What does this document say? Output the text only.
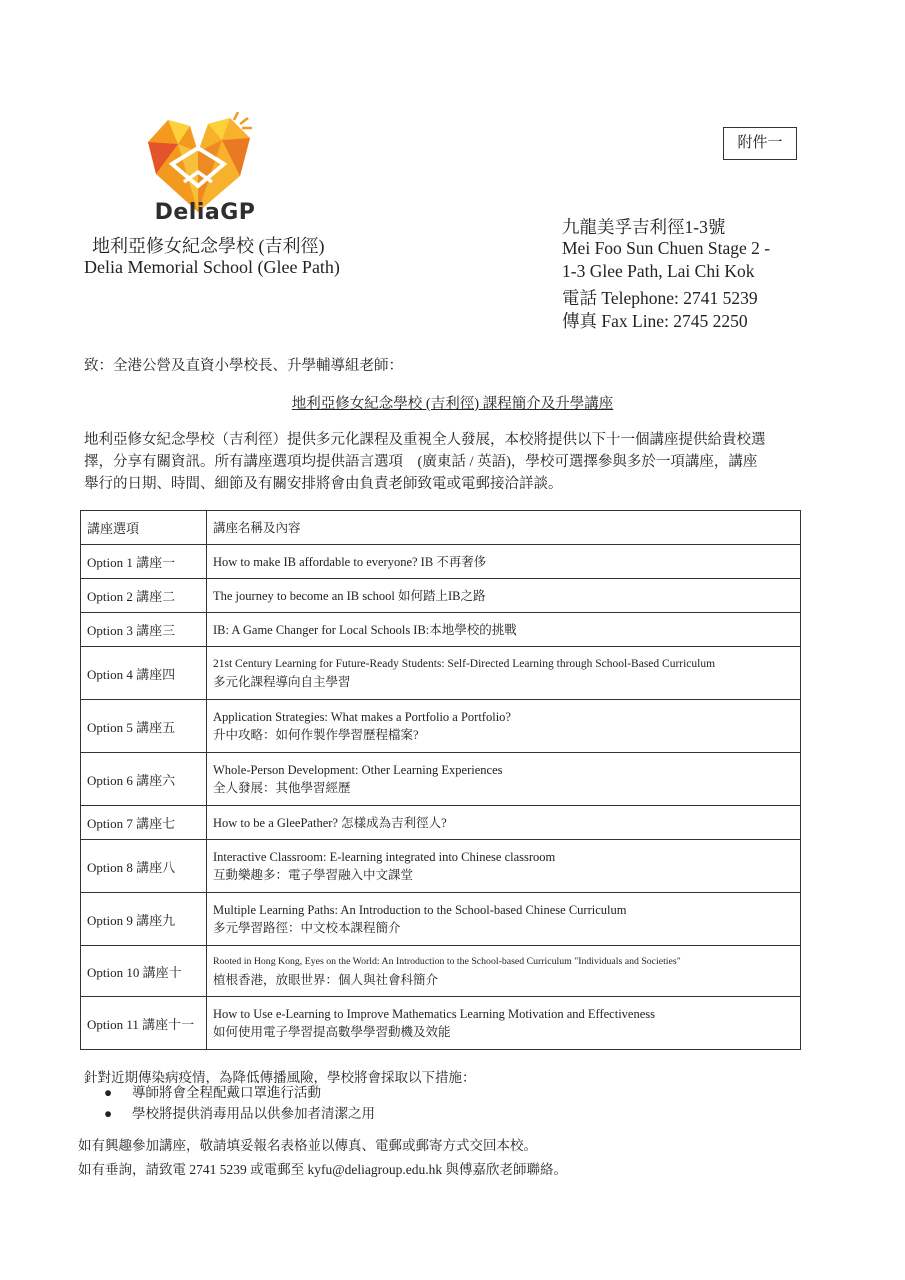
DeliaGP
地利亞修女紀念學校 (吉利徑)
Delia Memorial School (Glee Path)
附件一
九龍美孚吉利徑1-3號
Mei Foo Sun Chuen Stage 2 -
1-3 Glee Path, Lai Chi Kok
電話 Telephone: 2741 5239
傳真 Fax Line: 2745 2250
致：全港公營及直資小學校長、升學輔導組老師：
地利亞修女紀念學校 (吉利徑) 課程簡介及升學講座
地利亞修女紀念學校（吉利徑）提供多元化課程及重視全人發展，本校將提供以下十一個講座提供給貴校選
擇，分享有關資訊。所有講座選項均提供語言選項　(廣東話 / 英語)，學校可選擇參與多於一項講座，講座
舉行的日期、時間、細節及有關安排將會由負責老師致電或電郵接洽詳談。
講座選項	講座名稱及內容
Option 1 講座一	How to make IB affordable to everyone? IB 不再奢侈

Option 2 講座二	The journey to become an IB school 如何踏上IB之路

Option 3 講座三	IB: A Game Changer for Local Schools IB:本地學校的挑戰

Option 4 講座四	21st Century Learning for Future-Ready Students: Self-Directed Learning through School-Based Curriculum
多元化課程導向自主學習

Option 5 講座五	Application Strategies: What makes a Portfolio a Portfolio?
升中攻略：如何作製作學習歷程檔案?

Option 6 講座六	Whole-Person Development: Other Learning Experiences
全人發展：其他學習經歷

Option 7 講座七	How to be a GleePather? 怎樣成為吉利徑人?

Option 8 講座八	Interactive Classroom: E-learning integrated into Chinese classroom
互動樂趣多：電子學習融入中文課堂

Option 9 講座九	Multiple Learning Paths: An Introduction to the School-based Chinese Curriculum
多元學習路徑：中文校本課程簡介

Option 10 講座十	Rooted in Hong Kong, Eyes on the World: An Introduction to the School-based Curriculum "Individuals and Societies"
植根香港，放眼世界：個人與社會科簡介

Option 11 講座十一	How to Use e-Learning to Improve Mathematics Learning Motivation and Effectiveness
如何使用電子學習提高數學學習動機及效能
針對近期傳染病疫情，為降低傳播風險，學校將會採取以下措施：
● 導師將會全程配戴口罩進行活動
● 學校將提供消毒用品以供參加者清潔之用
如有興趣參加講座，敬請填妥報名表格並以傳真、電郵或郵寄方式交回本校。
如有垂詢，請致電 2741 5239 或電郵至 kyfu@deliagroup.edu.hk 與傅嘉欣老師聯絡。
